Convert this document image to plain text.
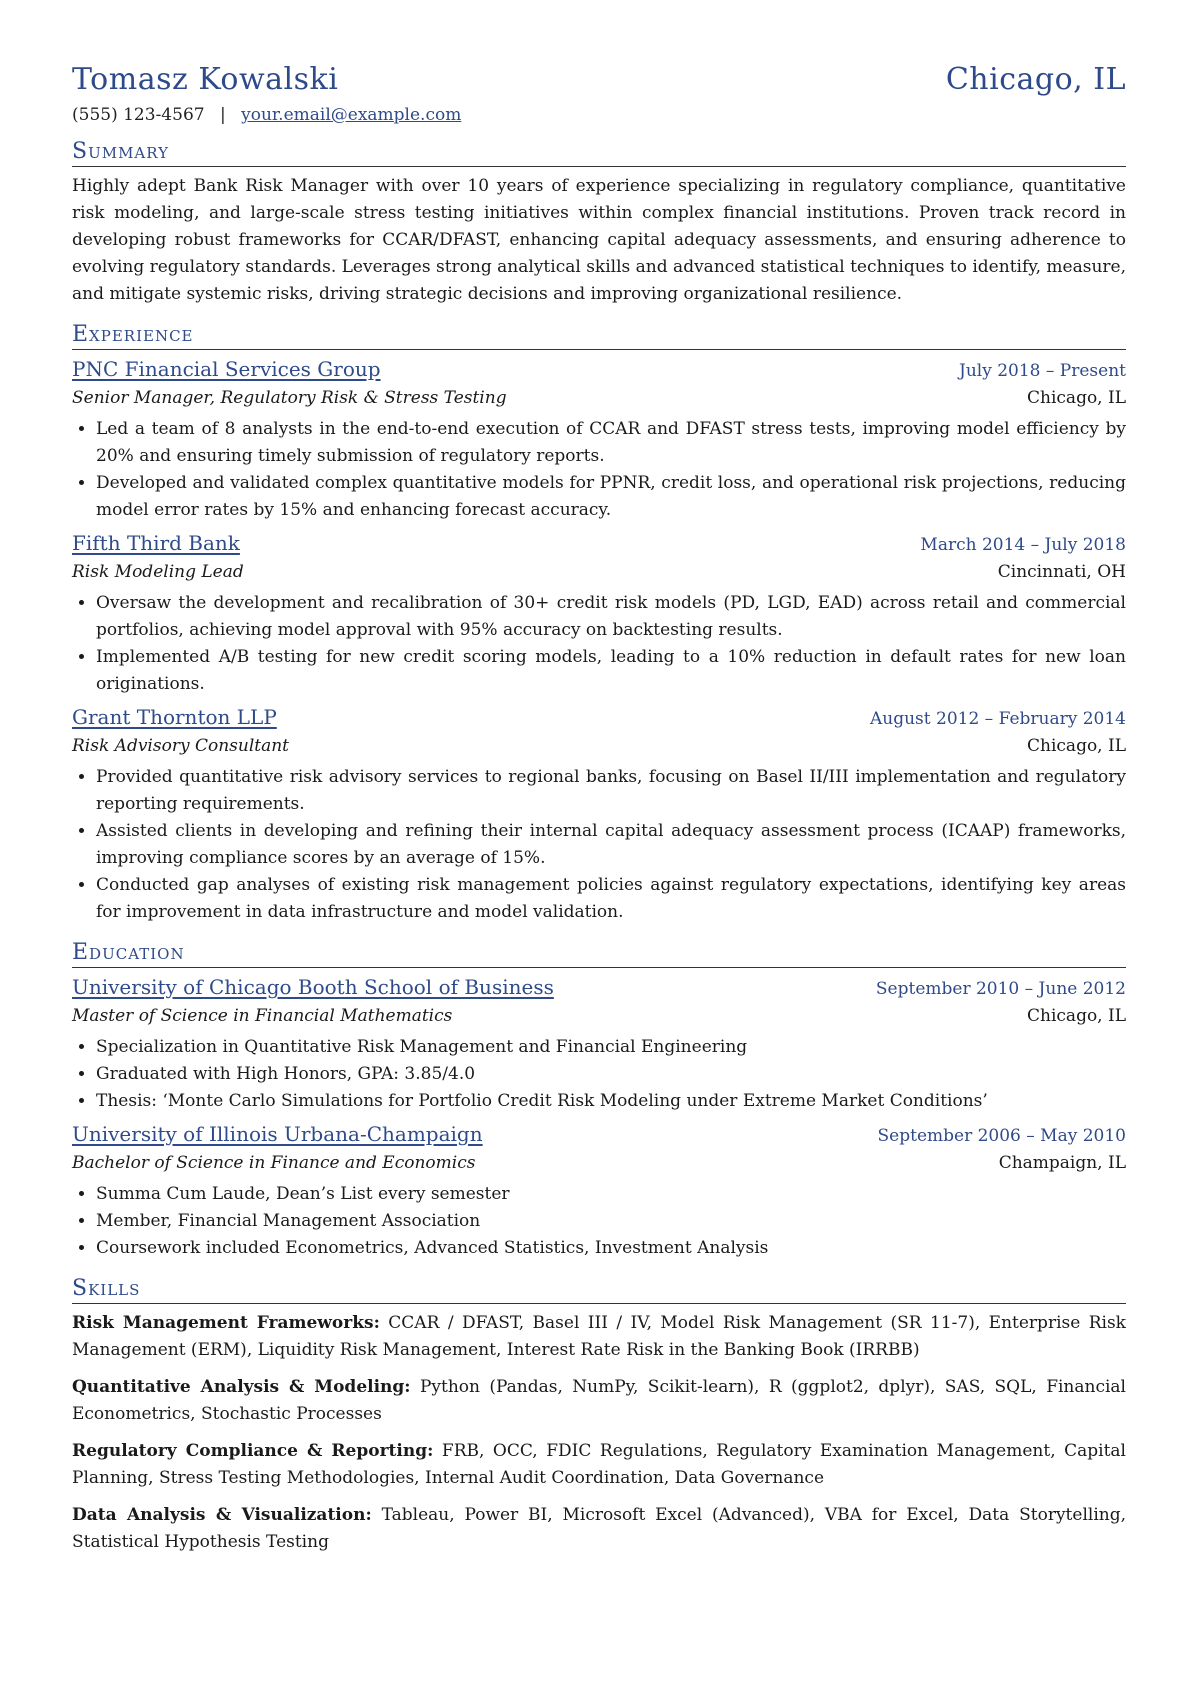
Tomasz Kowalski	Chicago, IL
(555) 123-4567 | your.email@example.com
Summary
Highly adept Bank Risk Manager with over 10 years of experience specializing in regulatory compliance, quantitative risk modeling, and large-scale stress testing initiatives within complex financial institutions. Proven track record in developing robust frameworks for CCAR/DFAST, enhancing capital adequacy assessments, and ensuring adherence to evolving regulatory standards. Leverages strong analytical skills and advanced statistical techniques to identify, measure, and mitigate systemic risks, driving strategic decisions and improving organizational resilience.
Experience
PNC Financial Services Group	July 2018 – Present
Senior Manager, Regulatory Risk & Stress Testing	Chicago, IL
• Led a team of 8 analysts in the end-to-end execution of CCAR and DFAST stress tests, improving model efficiency by 20% and ensuring timely submission of regulatory reports.
• Developed and validated complex quantitative models for PPNR, credit loss, and operational risk projections, reducing model error rates by 15% and enhancing forecast accuracy.
Fifth Third Bank	March 2014 – July 2018
Risk Modeling Lead	Cincinnati, OH
• Oversaw the development and recalibration of 30+ credit risk models (PD, LGD, EAD) across retail and commercial portfolios, achieving model approval with 95% accuracy on backtesting results.
• Implemented A/B testing for new credit scoring models, leading to a 10% reduction in default rates for new loan originations.
Grant Thornton LLP	August 2012 – February 2014
Risk Advisory Consultant	Chicago, IL
• Provided quantitative risk advisory services to regional banks, focusing on Basel II/III implementation and regulatory reporting requirements.
• Assisted clients in developing and refining their internal capital adequacy assessment process (ICAAP) frameworks, improving compliance scores by an average of 15%.
• Conducted gap analyses of existing risk management policies against regulatory expectations, identifying key areas for improvement in data infrastructure and model validation.
Education
University of Chicago Booth School of Business	September 2010 – June 2012
Master of Science in Financial Mathematics	Chicago, IL
• Specialization in Quantitative Risk Management and Financial Engineering
• Graduated with High Honors, GPA: 3.85/4.0
• Thesis: ‘Monte Carlo Simulations for Portfolio Credit Risk Modeling under Extreme Market Conditions’
University of Illinois Urbana-Champaign	September 2006 – May 2010
Bachelor of Science in Finance and Economics	Champaign, IL
• Summa Cum Laude, Dean’s List every semester
• Member, Financial Management Association
• Coursework included Econometrics, Advanced Statistics, Investment Analysis
Skills
Risk Management Frameworks: CCAR / DFAST, Basel III / IV, Model Risk Management (SR 11-7), Enterprise Risk Management (ERM), Liquidity Risk Management, Interest Rate Risk in the Banking Book (IRRBB)
Quantitative Analysis & Modeling: Python (Pandas, NumPy, Scikit-learn), R (ggplot2, dplyr), SAS, SQL, Financial Econometrics, Stochastic Processes
Regulatory Compliance & Reporting: FRB, OCC, FDIC Regulations, Regulatory Examination Management, Capital Planning, Stress Testing Methodologies, Internal Audit Coordination, Data Governance
Data Analysis & Visualization: Tableau, Power BI, Microsoft Excel (Advanced), VBA for Excel, Data Storytelling, Statistical Hypothesis Testing
